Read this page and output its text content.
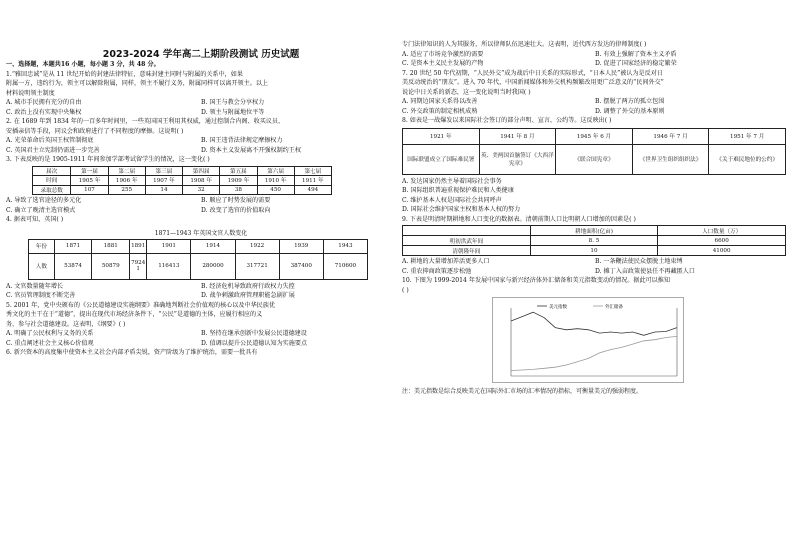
2023-2024 学年高二上期阶段测试 历史试题
一、选择题，本题共16 小题，每小题 3 分，共 48 分。
1.“雅回忠诚”是从 11 世纪开始的封建法律特征，意味封建主同时与附属的关系中，如果
附属一方，违约行为，领主可以解除附属，同样，领主不履行义务，附属同样可以离开领主。以上
材料说明领主制度
A. 城市手民拥有充分的自由	B. 国王与教会分享权力
C. 政治上没有实现中央集权	D. 领主与附属地位平等
2. 在 1689 年到 1834 年的一百多年时间里，一些英国国王利用其权威，通过控制合内阁、收买议员、
安插亲信等手段，同议会和政府进行了不同程度的摩擦。这说明( )
A. 光荣革命后英国王权管制彻底	B. 国王违背法律规定摩擦权力
C. 英国君主立宪制仍需进一步完善	D. 资本主义发展离不开强权制约王权
3. 下表反映的是 1905-1911 年间参加学部考试留学生的情况，这一变化( )
届次	第一届	第二届	第三届	第四届	第五届	第六届	第七届
时间	1905 年	1906 年	1907 年	1908 年	1909 年	1910 年	1911 年
录取总数	107	255	14	32	38	450	494
A. 导致了选官途径的多元化	B. 顺应了时势发展的需要
C. 确立了晚清主选官模式	D. 改变了选官的价值取向
4. 据表可知，英国( )
1871—1943 年英国文官人数变化
年份	1871	1881	1891	1901	1914	1922	1939	1943
人数	53874	50879	7924 1	116413	280000	317721	387400	710600
A. 文官数量随年增长	B. 经济危机导致政府行政权力失控
C. 官员管理制度不断完善	D. 战争刺激政府管理职能急剧扩展
5. 2001 年，党中央颁布的《公民道德建设实施纲要》准确地判断社会价值观的核心以及中华民族优
秀文化的主干在于“道德”，提出在现代市场经济条件下，“公民”是道德的主体，应履行相应的义
务，参与社会道德建设。这表明，《纲要》( )
A. 明确了公民权利与义务的关系	B. 坚持在继承创新中发展公民道德建设
C. 重点阐述社会主义核心价值观	D. 值调以提升公民道德认知为实施要点
6. 新兴资本的高度集中使资本主义社会内部矛盾尖锐，资产阶级为了维护统治，需要一批具有
专门法律知识的人为其服务，所以律师队伍迅速壮大。这表明，近代西方发达的律师制度( )
A. 适应了市场竞争激烈的需要	B. 有效上强解了资本主义矛盾
C. 是资本主义民主发展的产物	D. 促进了国家经济的稳定繁荣
7. 20 世纪 50 年代初期，“人民外交”成为战后中日关系的实际形式，“日本人民”被认为是反对日
美反动统治的“朋友”。进入 70 年代，中国新闻媒体和外交机构频繁改用更广泛意义的“民间外交”
说论中日关系的新态，这一变化说明当时我国( )
A. 同期边国家关系得以改善	B. 摆脱了两方的孤立包围
C. 外交政策的制定相机成熟	D. 调整了外交的基本原则
8. 如表是一战爆发以来国际社会签订的部分声明、宣言、公约等。这反映出( )
1921 年	1941 年 8 月	1945 年 6 月	1946 年 7 月	1951 年 7 月
国际联盟成立了国际难民署	英、美两国首脑签订《大西洋宪章》	《联合国宪章》	《世界卫生组织组织法》	《关于难民地位的公约》
A. 发达国家仍然主导着国际社会事务
B. 国际组织普遍重视保护难民和人类健康
C. 维护基本人权是国际社会共同呼声
D. 国际社会维护国家主权和基本人权的努力
9. 下表是明清时期耕地和人口变化的数据表。清朝前期人口比明朝人口增加的因素是( )
	耕地面积(亿亩)	人口数量（万）
明初洪武年间	8. 5	6600
清朝隆年间	10	41000
A. 耕地的大量增加养活更多人口	B. 一条鞭法使民众摆脱土地束缚
C. 重农抑商政策逐步松弛	D. 摊丁入亩政策使县任不再藏匿人口
10. 下图为 1999-2014 年发展中国家与新兴经济体外汇储备和美元指数变动的情况。据此可以推知
( )
美元指数	外汇储备
注：美元指数是综合反映美元在国际外汇市场的汇率情况的指标，可衡量美元的强弱程度。
